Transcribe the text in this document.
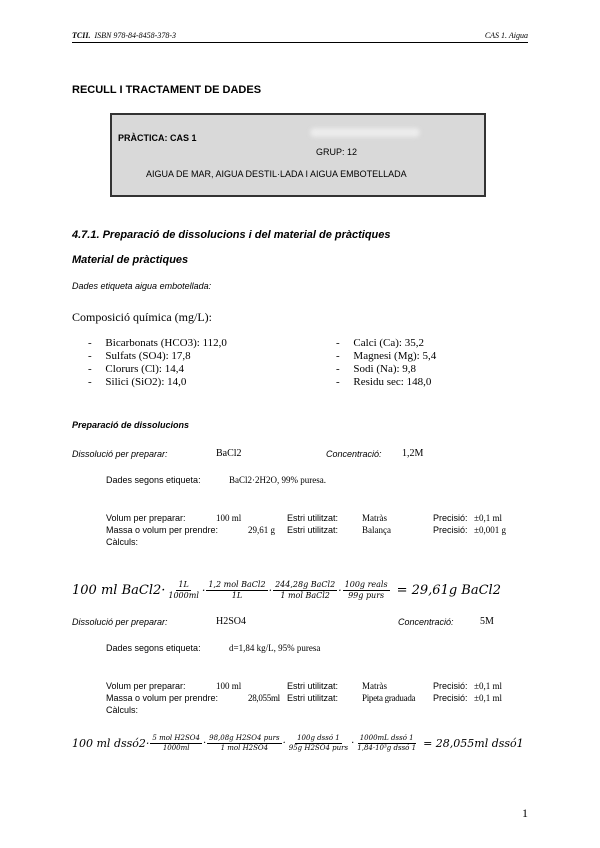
TCII. ISBN 978-84-8458-378-3	CAS 1. Aigua
RECULL I TRACTAMENT DE DADES
PRÀCTICA: CAS 1
GRUP: 12
AIGUA DE MAR, AIGUA DESTIL·LADA I AIGUA EMBOTELLADA
4.7.1. Preparació de dissolucions i del material de pràctiques
Material de pràctiques
Dades etiqueta aigua embotellada:
Composició química (mg/L):
-     Bicarbonats (HCO3): 112,0
-     Sulfats (SO4): 17,8
-     Clorurs (Cl): 14,4
-     Silici (SiO2): 14,0
-     Calci (Ca): 35,2
-     Magnesi (Mg): 5,4
-     Sodi (Na): 9,8
-     Residu sec: 148,0
Preparació de dissolucions
Dissolució per preparar:	BaCl2	Concentració: 1,2M
Dades segons etiqueta:	BaCl2·2H2O, 99% puresa.
Volum per preparar:	100 ml	Estri utilitzat:	Matràs	Precisió: ±0,1 ml
Massa o volum per prendre:	29,61 g Estri utilitzat:	Balança	Precisió: ±0,001 g
Càlculs:
100 ml BaCl2· $\frac{1L}{1000ml} \cdot \frac{\text{1,2 mol BaCl2}}{1L} \cdot \frac{\text{244,28g BaCl2}}{\text{1 mol BaCl2}} \cdot \frac{\text{100g reals}}{\text{99g purs}} = 29,61g$ BaCl2
Dissolució per preparar:	H2SO4	Concentració:	5M
Dades segons etiqueta:	d=1,84 kg/L, 95% puresa
Volum per preparar:	100 ml	Estri utilitzat:	Matràs	Precisió: ±0,1 ml
Massa o volum per prendre:	28,055ml Estri utilitzat:	Pipeta graduada Precisió: ±0,1 ml
Càlculs:
100 ml dssó2· $\frac{\text{5 mol H2SO4}}{1000ml} \cdot \frac{\text{98,08g H2SO4 purs}}{\text{1 mol H2SO4}} \cdot \frac{\text{100g dssó 1}}{\text{95g H2SO4 purs}} \cdot \frac{\text{1000mL dssó 1}}{\text{1,84·10³g dssó 1}} = 28,055ml$ dssó1
1
